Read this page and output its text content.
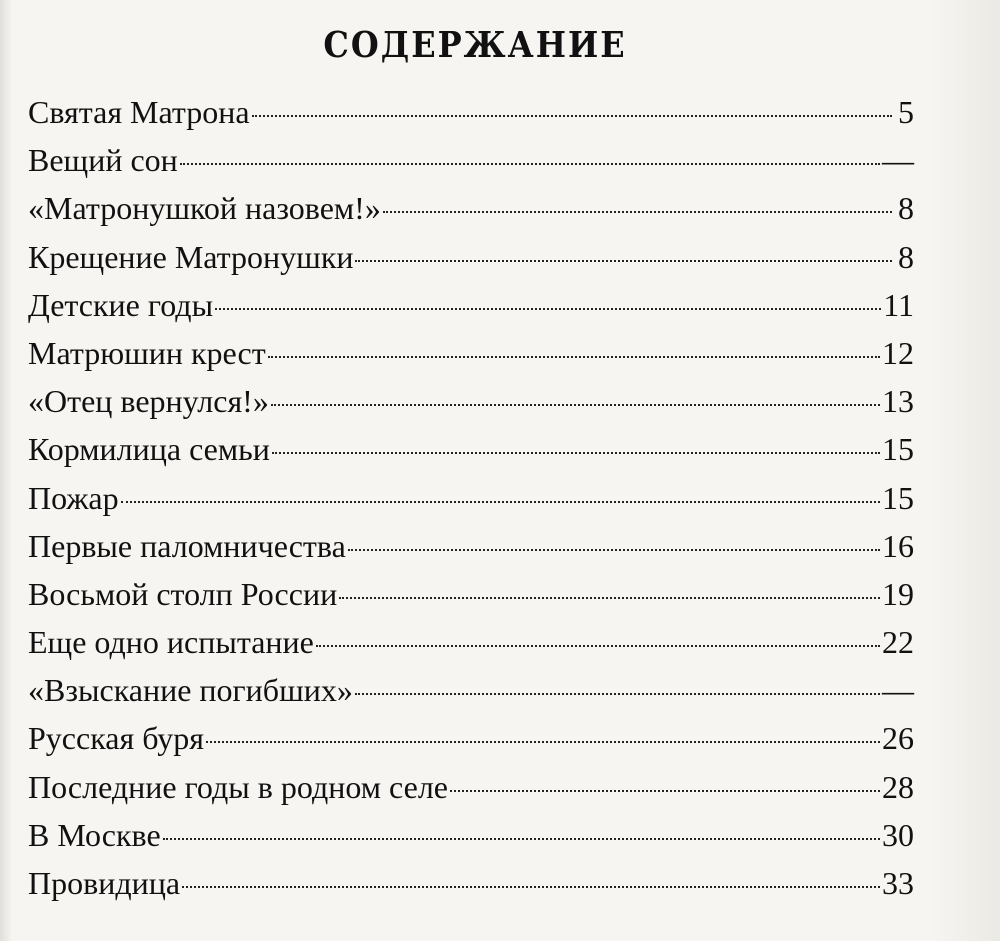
СОДЕРЖАНИЕ
Святая Матрона	5
Вещий сон	—
«Матронушкой назовем!»	8
Крещение Матронушки	8
Детские годы	11
Матрюшин крест	12
«Отец вернулся!»	13
Кормилица семьи	15
Пожар	15
Первые паломничества	16
Восьмой столп России	19
Еще одно испытание	22
«Взыскание погибших»	—
Русская буря	26
Последние годы в родном селе	28
В Москве	30
Провидица	33
